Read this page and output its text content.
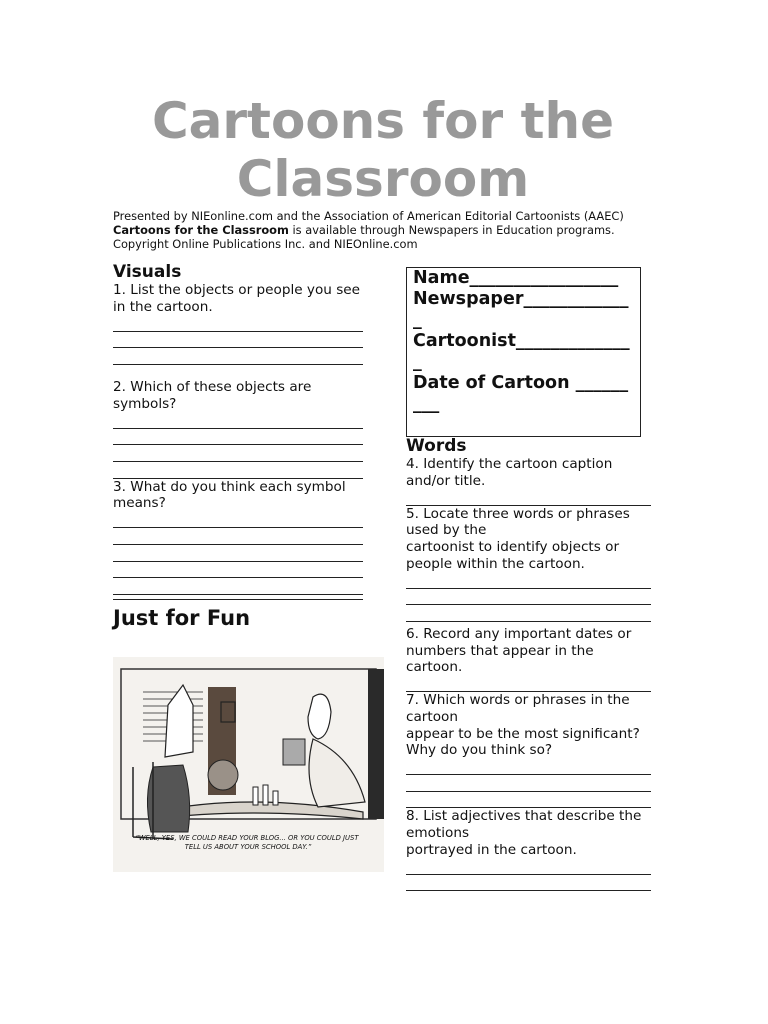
Cartoons for the
Classroom
Presented by NIEonline.com and the Association of American Editorial Cartoonists (AAEC)
Cartoons for the Classroom is available through Newspapers in Education programs.
Copyright Online Publications Inc. and NIEOnline.com
Visuals

1. List the objects or people you see in the cartoon.

2. Which of these objects are symbols?

3. What do you think each symbol means?

Just for Fun
“WELL, YES, WE COULD READ YOUR BLOG... OR YOU COULD JUST TELL US ABOUT YOUR SCHOOL DAY.”
Name_________________
Newspaper_____________
Cartoonist______________
Date of Cartoon _________
Words

4. Identify the cartoon caption and/or title.

5. Locate three words or phrases used by the
cartoonist to identify objects or people within the cartoon.

6. Record any important dates or numbers that appear in the cartoon.

7. Which words or phrases in the cartoon
appear to be the most significant? Why do you think so?

8. List adjectives that describe the emotions
portrayed in the cartoon.
